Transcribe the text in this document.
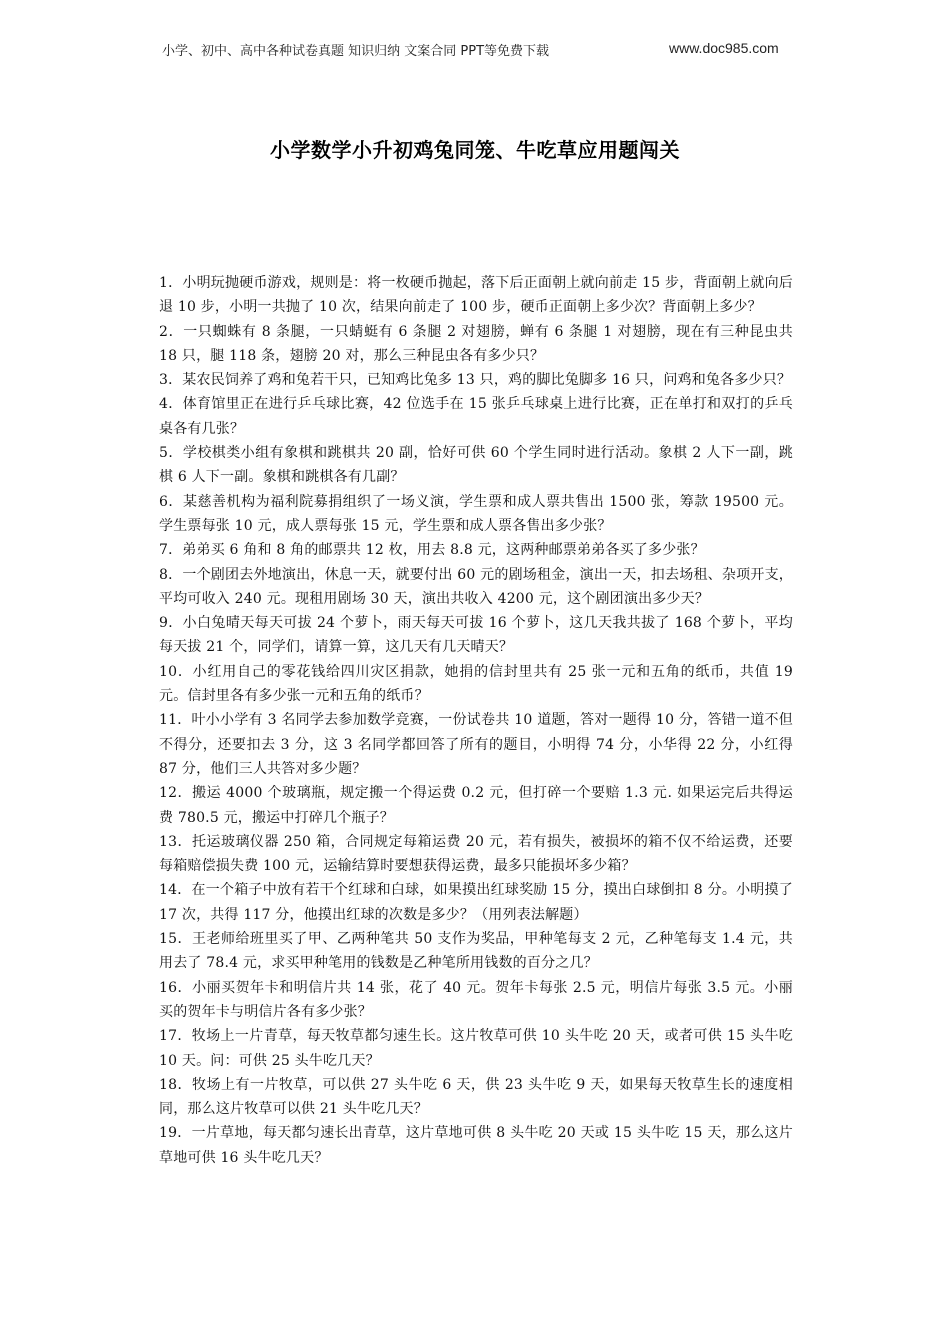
小学、初中、高中各种试卷真题 知识归纳 文案合同 PPT等免费下载	www.doc985.com
小学数学小升初鸡兔同笼、牛吃草应用题闯关
1．小明玩抛硬币游戏，规则是：将一枚硬币抛起，落下后正面朝上就向前走 15 步，背面朝上就向后退 10 步，小明一共抛了 10 次，结果向前走了 100 步，硬币正面朝上多少次？背面朝上多少？
2．一只蜘蛛有 8 条腿，一只蜻蜓有 6 条腿 2 对翅膀，蝉有 6 条腿 1 对翅膀，现在有三种昆虫共 18 只，腿 118 条，翅膀 20 对，那么三种昆虫各有多少只？
3．某农民饲养了鸡和兔若干只，已知鸡比兔多 13 只，鸡的脚比兔脚多 16 只，问鸡和兔各多少只？
4．体育馆里正在进行乒乓球比赛，42 位选手在 15 张乒乓球桌上进行比赛，正在单打和双打的乒乓桌各有几张？
5．学校棋类小组有象棋和跳棋共 20 副，恰好可供 60 个学生同时进行活动。象棋 2 人下一副，跳棋 6 人下一副。象棋和跳棋各有几副？
6．某慈善机构为福利院募捐组织了一场义演，学生票和成人票共售出 1500 张，筹款 19500 元。学生票每张 10 元，成人票每张 15 元，学生票和成人票各售出多少张？
7．弟弟买 6 角和 8 角的邮票共 12 枚，用去 8.8 元，这两种邮票弟弟各买了多少张？
8．一个剧团去外地演出，休息一天，就要付出 60 元的剧场租金，演出一天，扣去场租、杂项开支，平均可收入 240 元。现租用剧场 30 天，演出共收入 4200 元，这个剧团演出多少天？
9．小白兔晴天每天可拔 24 个萝卜，雨天每天可拔 16 个萝卜，这几天我共拔了 168 个萝卜，平均每天拔 21 个，同学们，请算一算，这几天有几天晴天？
10．小红用自己的零花钱给四川灾区捐款，她捐的信封里共有 25 张一元和五角的纸币，共值 19 元。信封里各有多少张一元和五角的纸币？
11．叶小小学有 3 名同学去参加数学竞赛，一份试卷共 10 道题，答对一题得 10 分，答错一道不但不得分，还要扣去 3 分，这 3 名同学都回答了所有的题目，小明得 74 分，小华得 22 分，小红得 87 分，他们三人共答对多少题？
12．搬运 4000 个玻璃瓶，规定搬一个得运费 0.2 元，但打碎一个要赔 1.3 元. 如果运完后共得运费 780.5 元，搬运中打碎几个瓶子？
13．托运玻璃仪器 250 箱，合同规定每箱运费 20 元，若有损失，被损坏的箱不仅不给运费，还要每箱赔偿损失费 100 元，运输结算时要想获得运费，最多只能损坏多少箱？
14．在一个箱子中放有若干个红球和白球，如果摸出红球奖励 15 分，摸出白球倒扣 8 分。小明摸了 17 次，共得 117 分，他摸出红球的次数是多少？（用列表法解题）
15．王老师给班里买了甲、乙两种笔共 50 支作为奖品，甲种笔每支 2 元，乙种笔每支 1.4 元，共用去了 78.4 元，求买甲种笔用的钱数是乙种笔所用钱数的百分之几？
16．小丽买贺年卡和明信片共 14 张，花了 40 元。贺年卡每张 2.5 元，明信片每张 3.5 元。小丽买的贺年卡与明信片各有多少张？
17．牧场上一片青草，每天牧草都匀速生长。这片牧草可供 10 头牛吃 20 天，或者可供 15 头牛吃 10 天。问：可供 25 头牛吃几天？
18．牧场上有一片牧草，可以供 27 头牛吃 6 天，供 23 头牛吃 9 天，如果每天牧草生长的速度相同，那么这片牧草可以供 21 头牛吃几天？
19．一片草地，每天都匀速长出青草，这片草地可供 8 头牛吃 20 天或 15 头牛吃 15 天，那么这片草地可供 16 头牛吃几天？
